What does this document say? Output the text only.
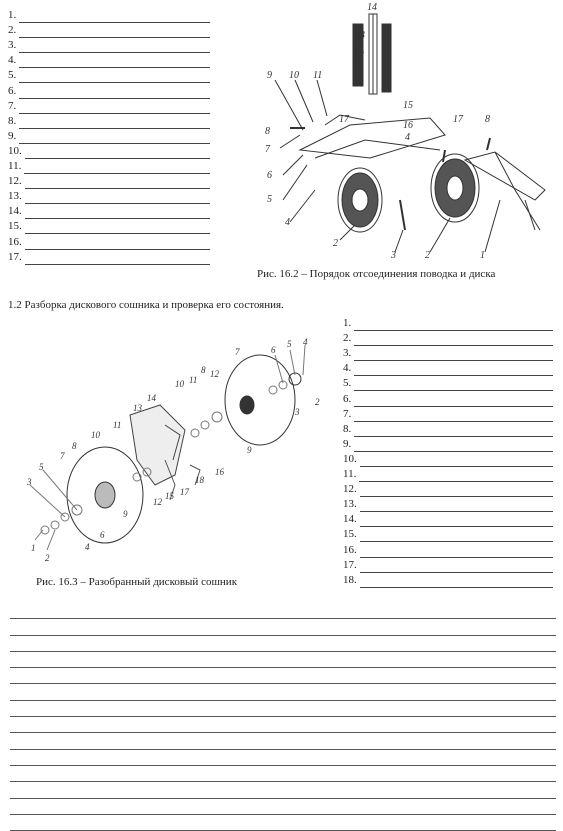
1.
2.
3.
4.
5.
6.
7.
8.
9.
10.
11.
12.
13.
14.
15.
16.
17.
14
13
12
9 10 11
8
7
6
5
4
17
16
4
15
17 8
2
3	2	1
Рис. 16.2 – Порядок отсоединения поводка и диска
1.2 Разборка дискового сошника и проверка его состояния.
1
2
3
4
5
6
7
8
9
10
11
12
13
14
15
16
17
18
2
3
4
5
6
7
8
9
10 11
12
Рис. 16.3 – Разобранный дисковый сошник
1.
2.
3.
4.
5.
6.
7.
8.
9.
10.
11.
12.
13.
14.
15.
16.
17.
18.
